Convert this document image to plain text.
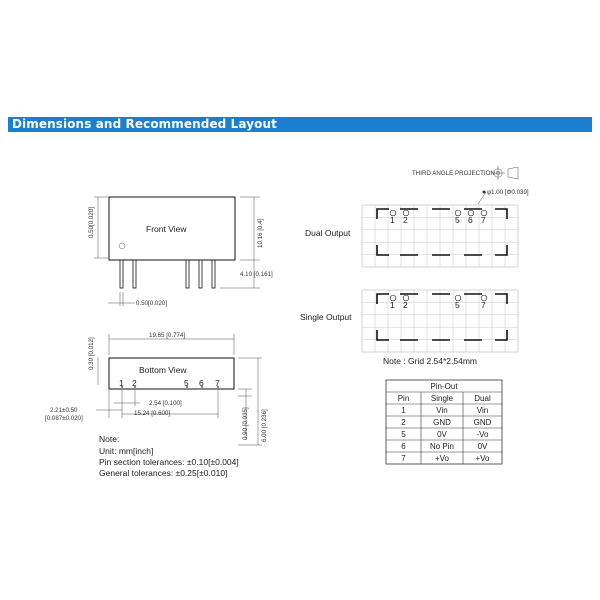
Dimensions and Recommended Layout
THIRD ANGLE PROJECTION
Front View
0.50[0.020]	10.16 [0.4]
4.10 [0.161]
0.50[0.020]
19.65 [0.774]
0.30 [0.012]	Bottom View
1 2	5 6 7
2.54 [0.100]
15.24 [0.600]
2.21±0.50
[0.087±0.020]	0.90 [0.035] 6.00 [0.236]
Note:
Unit: mm[inch]
Pin section tolerances: ±0.10[±0.004]
General tolerances: ±0.25[±0.010]
φ1.00 [Φ0.039]
Dual Output
1 2	5 6 7
Single Output
1 2	5	7
Note : Grid 2.54*2.54mm
Pin-Out
Pin	Single	Dual
1	Vin	Vin
2	GND	GND
5	0V	-Vo
6	No Pin	0V
7	+Vo	+Vo
